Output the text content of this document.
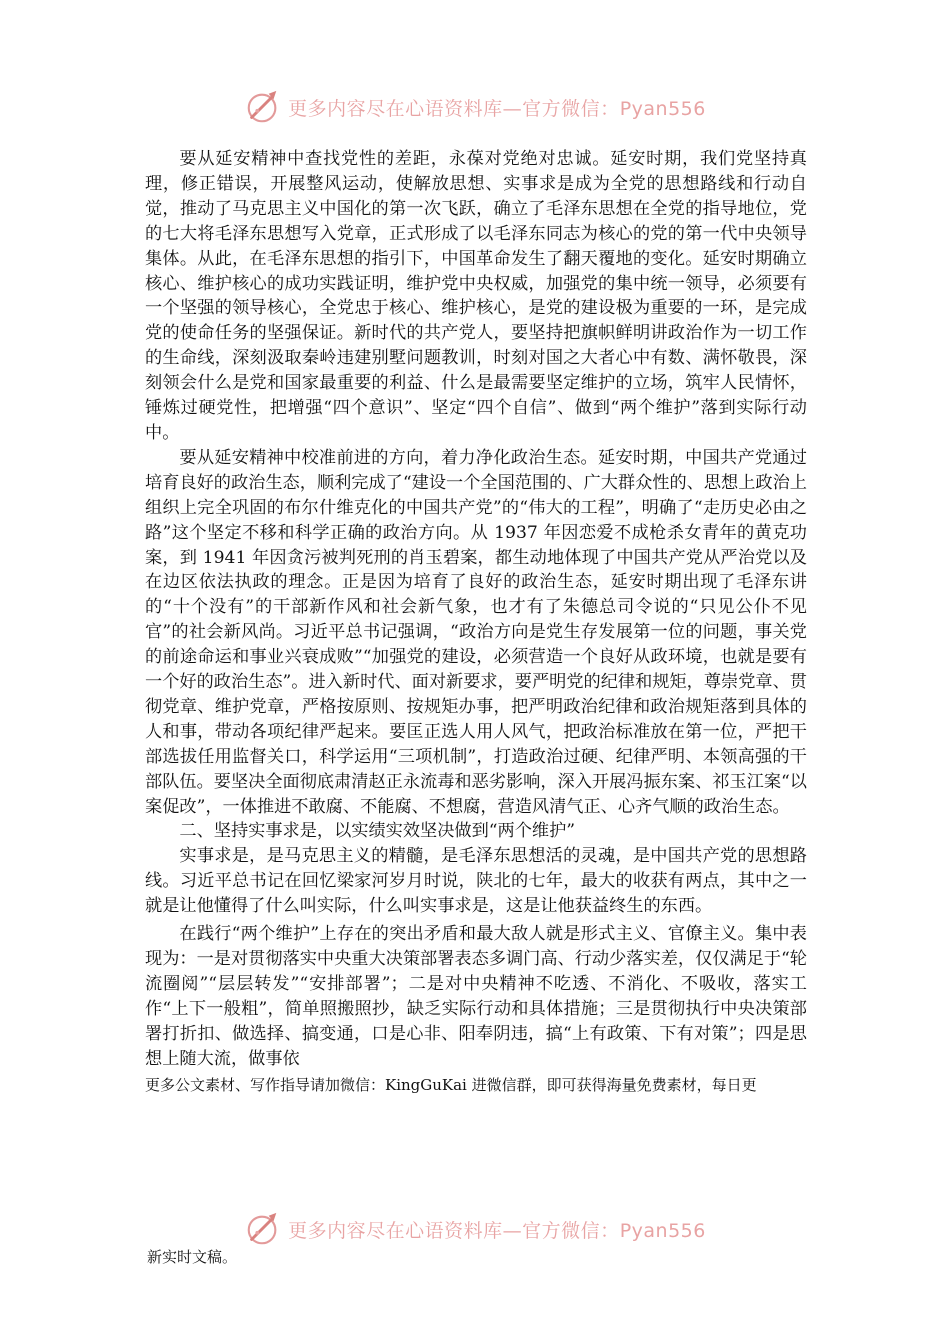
更多内容尽在心语资料库—官方微信：Pyan556

要从延安精神中查找党性的差距，永葆对党绝对忠诚。延安时期，我们党坚持真理，修正错误，开展整风运动，使解放思想、实事求是成为全党的思想路线和行动自觉，推动了马克思主义中国化的第一次飞跃，确立了毛泽东思想在全党的指导地位，党的七大将毛泽东思想写入党章，正式形成了以毛泽东同志为核心的党的第一代中央领导集体。从此，在毛泽东思想的指引下，中国革命发生了翻天覆地的变化。延安时期确立核心、维护核心的成功实践证明，维护党中央权威，加强党的集中统一领导，必须要有一个坚强的领导核心，全党忠于核心、维护核心，是党的建设极为重要的一环，是完成党的使命任务的坚强保证。新时代的共产党人，要坚持把旗帜鲜明讲政治作为一切工作的生命线，深刻汲取秦岭违建别墅问题教训，时刻对国之大者心中有数、满怀敬畏，深刻领会什么是党和国家最重要的利益、什么是最需要坚定维护的立场，筑牢人民情怀，锤炼过硬党性，把增强“四个意识”、坚定“四个自信”、做到“两个维护”落到实际行动中。

要从延安精神中校准前进的方向，着力净化政治生态。延安时期，中国共产党通过培育良好的政治生态，顺利完成了“建设一个全国范围的、广大群众性的、思想上政治上组织上完全巩固的布尔什维克化的中国共产党”的“伟大的工程”，明确了“走历史必由之路”这个坚定不移和科学正确的政治方向。从 1937 年因恋爱不成枪杀女青年的黄克功案，到 1941 年因贪污被判死刑的肖玉碧案，都生动地体现了中国共产党从严治党以及在边区依法执政的理念。正是因为培育了良好的政治生态，延安时期出现了毛泽东讲的“十个没有”的干部新作风和社会新气象，也才有了朱德总司令说的“只见公仆不见官”的社会新风尚。习近平总书记强调，“政治方向是党生存发展第一位的问题，事关党的前途命运和事业兴衰成败”“加强党的建设，必须营造一个良好从政环境，也就是要有一个好的政治生态”。进入新时代、面对新要求，要严明党的纪律和规矩，尊崇党章、贯彻党章、维护党章，严格按原则、按规矩办事，把严明政治纪律和政治规矩落到具体的人和事，带动各项纪律严起来。要匡正选人用人风气，把政治标准放在第一位，严把干部选拔任用监督关口，科学运用“三项机制”，打造政治过硬、纪律严明、本领高强的干部队伍。要坚决全面彻底肃清赵正永流毒和恶劣影响，深入开展冯振东案、祁玉江案“以案促改”，一体推进不敢腐、不能腐、不想腐，营造风清气正、心齐气顺的政治生态。

二、坚持实事求是，以实绩实效坚决做到“两个维护”

实事求是，是马克思主义的精髓，是毛泽东思想活的灵魂，是中国共产党的思想路线。习近平总书记在回忆梁家河岁月时说，陕北的七年，最大的收获有两点，其中之一就是让他懂得了什么叫实际，什么叫实事求是，这是让他获益终生的东西。

在践行“两个维护”上存在的突出矛盾和最大敌人就是形式主义、官僚主义。集中表现为：一是对贯彻落实中央重大决策部署表态多调门高、行动少落实差，仅仅满足于“轮流圈阅”“层层转发”“安排部署”；二是对中央精神不吃透、不消化、不吸收，落实工作“上下一般粗”，简单照搬照抄，缺乏实际行动和具体措施；三是贯彻执行中央决策部署打折扣、做选择、搞变通，口是心非、阳奉阴违，搞“上有政策、下有对策”；四是思想上随大流，做事依

更多公文素材、写作指导请加微信：KingGuKai 进微信群，即可获得海量免费素材，每日更

更多内容尽在心语资料库—官方微信：Pyan556

新实时文稿。
